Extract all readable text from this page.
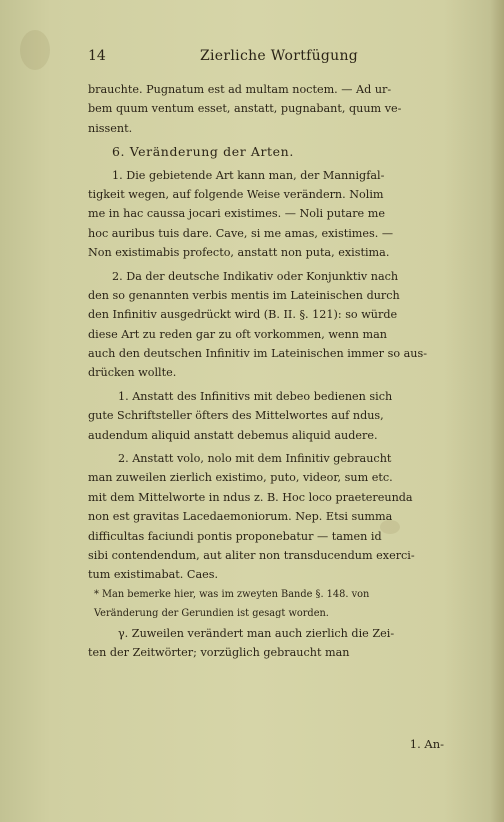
14	Zierliche Wortfügung
brauchte. Pugnatum est ad multam noctem. — Ad ur-
bem quum ventum esset, anstatt, pugnabant, quum ve-
nissent.
6. Veränderung der Arten.
1. Die gebietende Art kann man, der Mannigfal-
tigkeit wegen, auf folgende Weise verändern. Nolim
me in hac caussa jocari existimes. — Noli putare me
hoc auribus tuis dare. Cave, si me amas, existimes. —
Non existimabis profecto, anstatt non puta, existima.
2. Da der deutsche Indikativ oder Konjunktiv nach
den so genannten verbis mentis im Lateinischen durch
den Infinitiv ausgedrückt wird (B. II. §. 121): so würde
diese Art zu reden gar zu oft vorkommen, wenn man
auch den deutschen Infinitiv im Lateinischen immer so aus-
drücken wollte.
1. Anstatt des Infinitivs mit debeo bedienen sich
gute Schriftsteller öfters des Mittelwortes auf ndus,
audendum aliquid anstatt debemus aliquid audere.
2. Anstatt volo, nolo mit dem Infinitiv gebraucht
man zuweilen zierlich existimo, puto, videor, sum etc.
mit dem Mittelworte in ndus z. B. Hoc loco praetereunda
non est gravitas Lacedaemoniorum. Nep. Etsi summa
difficultas faciundi pontis proponebatur — tamen id
sibi contendendum, aut aliter non transducendum exerci-
tum existimabat. Caes.
* Man bemerke hier, was im zweyten Bande §. 148. von
Veränderung der Gerundien ist gesagt worden.
γ. Zuweilen verändert man auch zierlich die Zei-
ten der Zeitwörter; vorzüglich gebraucht man
1. An-
